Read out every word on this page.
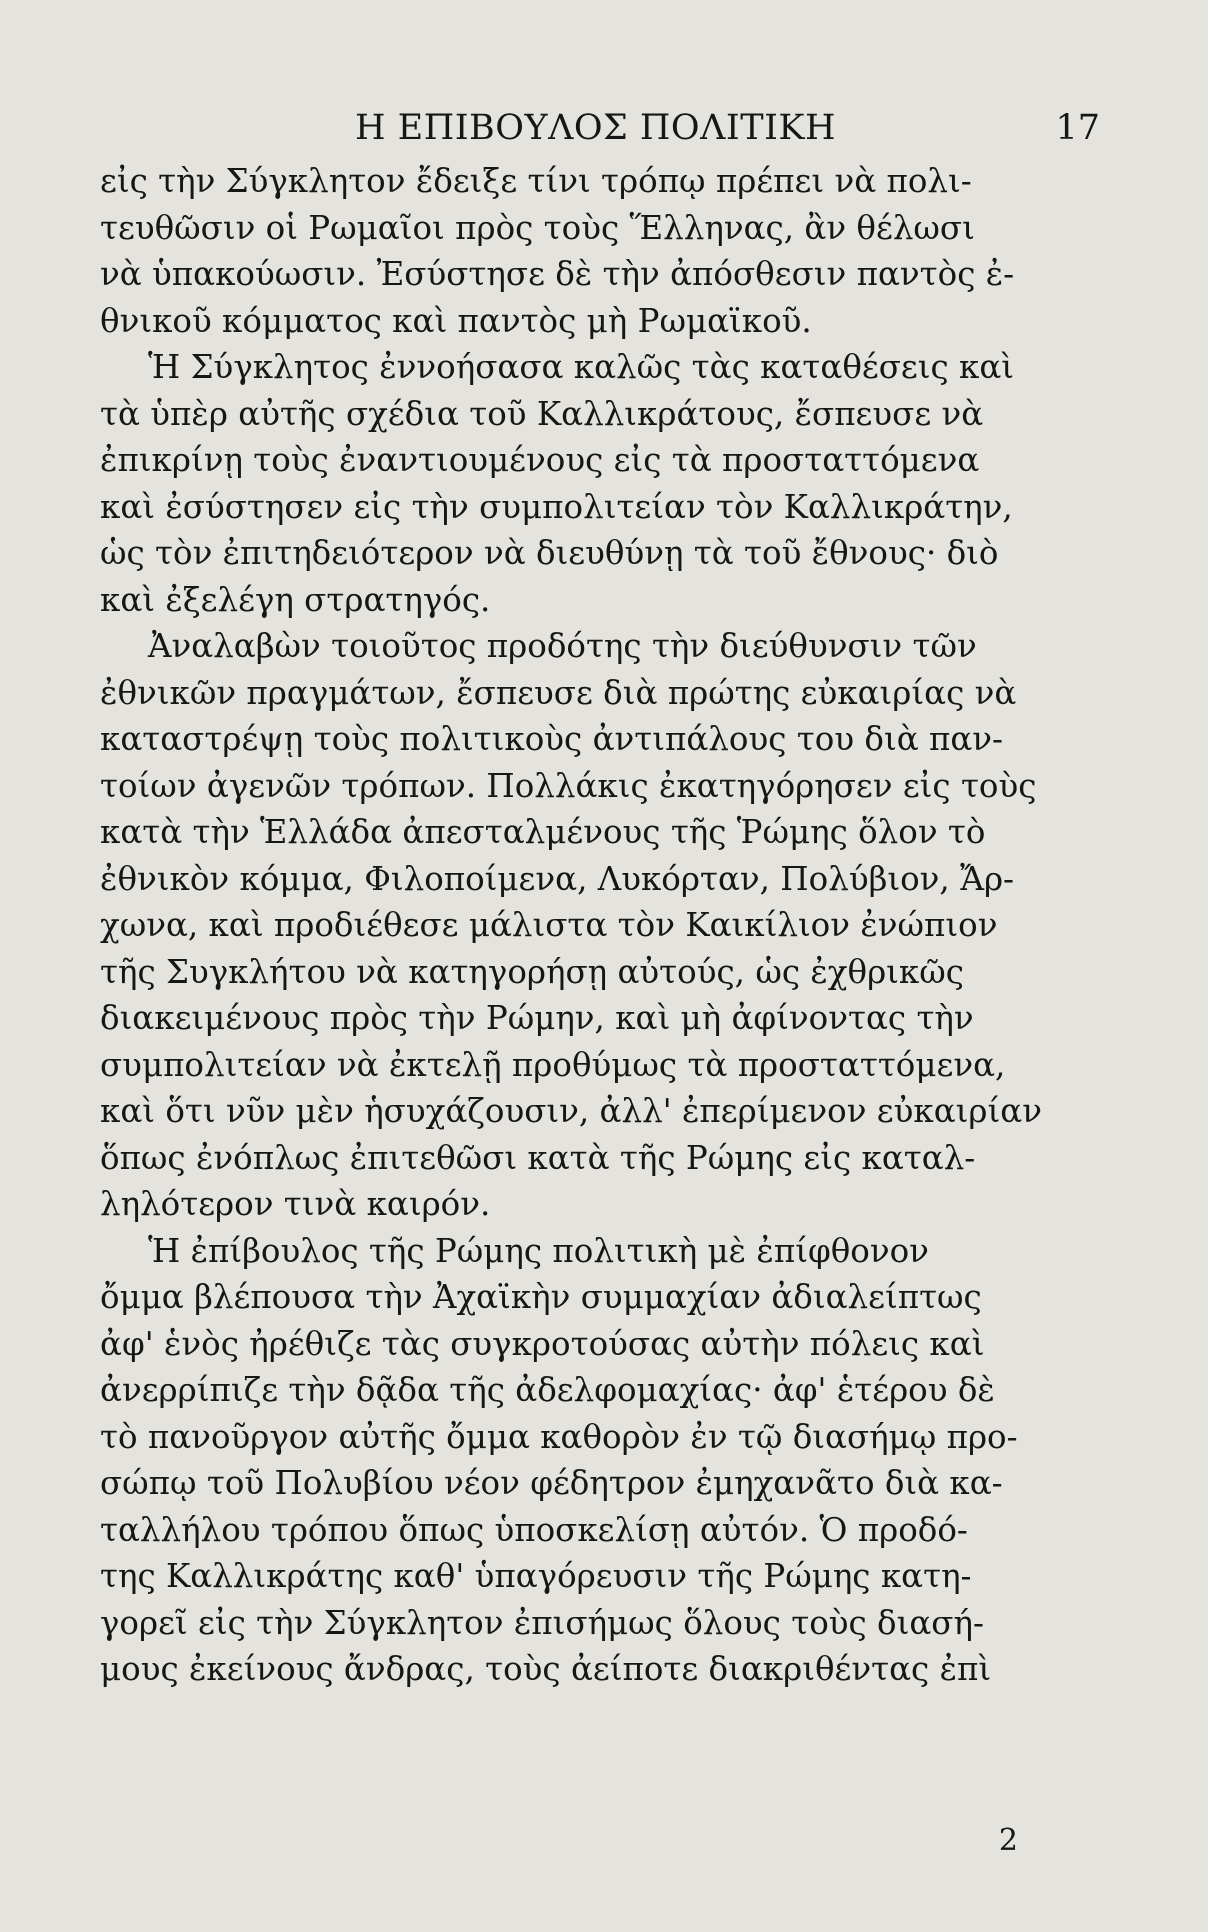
Η ΕΠΙΒΟΥΛΟΣ ΠΟΛΙΤΙΚΗ	17
εἰς τὴν Σύγκλητον ἔδειξε τίνι τρόπῳ πρέπει νὰ πολι-
τευθῶσιν οἱ Ρωμαῖοι πρὸς τοὺς Ἕλληνας, ἂν θέλωσι
νὰ ὑπακούωσιν. Ἐσύστησε δὲ τὴν ἀπόσθεσιν παντὸς ἐ-
θνικοῦ κόμματος καὶ παντὸς μὴ Ρωμαϊκοῦ.
Ἡ Σύγκλητος ἐννοήσασα καλῶς τὰς καταθέσεις καὶ
τὰ ὑπὲρ αὐτῆς σχέδια τοῦ Καλλικράτους, ἔσπευσε νὰ
ἐπικρίνῃ τοὺς ἐναντιουμένους εἰς τὰ προσταττόμενα
καὶ ἐσύστησεν εἰς τὴν συμπολιτείαν τὸν Καλλικράτην,
ὡς τὸν ἐπιτηδειότερον νὰ διευθύνῃ τὰ τοῦ ἔθνους· διὸ
καὶ ἐξελέγη στρατηγός.
Ἀναλαβὼν τοιοῦτος προδότης τὴν διεύθυνσιν τῶν
ἐθνικῶν πραγμάτων, ἔσπευσε διὰ πρώτης εὐκαιρίας νὰ
καταστρέψῃ τοὺς πολιτικοὺς ἀντιπάλους του διὰ παν-
τοίων ἀγενῶν τρόπων. Πολλάκις ἐκατηγόρησεν εἰς τοὺς
κατὰ τὴν Ἑλλάδα ἀπεσταλμένους τῆς Ῥώμης ὅλον τὸ
ἐθνικὸν κόμμα, Φιλοποίμενα, Λυκόρταν, Πολύβιον, Ἄρ-
χωνα, καὶ προδιέθεσε μάλιστα τὸν Καικίλιον ἐνώπιον
τῆς Συγκλήτου νὰ κατηγορήσῃ αὐτούς, ὡς ἐχθρικῶς
διακειμένους πρὸς τὴν Ρώμην, καὶ μὴ ἀφίνοντας τὴν
συμπολιτείαν νὰ ἐκτελῇ προθύμως τὰ προσταττόμενα,
καὶ ὅτι νῦν μὲν ἡσυχάζουσιν, ἀλλ' ἐπερίμενον εὐκαιρίαν
ὅπως ἐνόπλως ἐπιτεθῶσι κατὰ τῆς Ρώμης εἰς καταλ-
ληλότερον τινὰ καιρόν.
Ἡ ἐπίβουλος τῆς Ρώμης πολιτικὴ μὲ ἐπίφθονον
ὄμμα βλέπουσα τὴν Ἀχαϊκὴν συμμαχίαν ἀδιαλείπτως
ἀφ' ἑνὸς ἠρέθιζε τὰς συγκροτούσας αὐτὴν πόλεις καὶ
ἀνερρίπιζε τὴν δᾷδα τῆς ἀδελφομαχίας· ἀφ' ἑτέρου δὲ
τὸ πανοῦργον αὐτῆς ὄμμα καθορὸν ἐν τῷ διασήμῳ προ-
σώπῳ τοῦ Πολυβίου νέον φέδητρον ἐμηχανᾶτο διὰ κα-
ταλλήλου τρόπου ὅπως ὑποσκελίσῃ αὐτόν. Ὁ προδό-
της Καλλικράτης καθ' ὑπαγόρευσιν τῆς Ρώμης κατη-
γορεῖ εἰς τὴν Σύγκλητον ἐπισήμως ὅλους τοὺς διασή-
μους ἐκείνους ἄνδρας, τοὺς ἀείποτε διακριθέντας ἐπὶ
2
